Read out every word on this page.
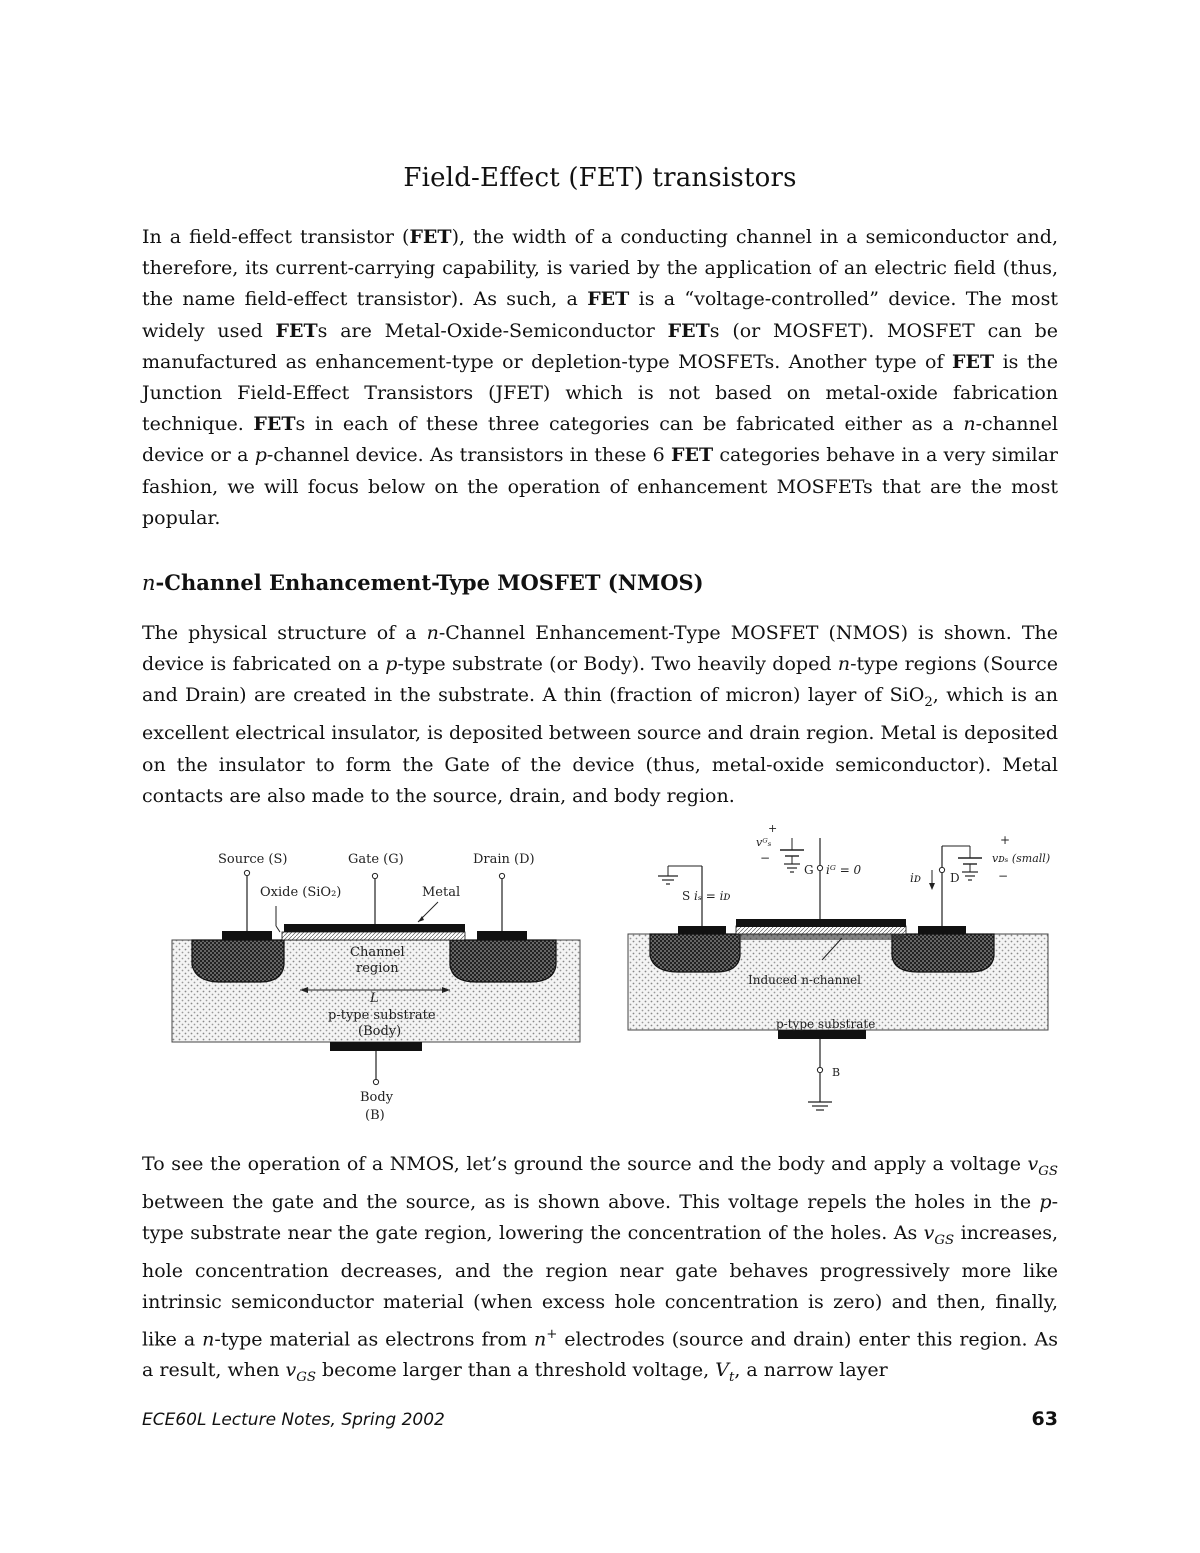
Field-Effect (FET) transistors

In a field-effect transistor (FET), the width of a conducting channel in a semiconductor and, therefore, its current-carrying capability, is varied by the application of an electric field (thus, the name field-effect transistor). As such, a FET is a “voltage-controlled” device. The most widely used FETs are Metal-Oxide-Semiconductor FETs (or MOSFET). MOSFET can be manufactured as enhancement-type or depletion-type MOSFETs. Another type of FET is the Junction Field-Effect Transistors (JFET) which is not based on metal-oxide fabrication technique. FETs in each of these three categories can be fabricated either as a n-channel device or a p-channel device. As transistors in these 6 FET categories behave in a very similar fashion, we will focus below on the operation of enhancement MOSFETs that are the most popular.

n-Channel Enhancement-Type MOSFET (NMOS)

The physical structure of a n-Channel Enhancement-Type MOSFET (NMOS) is shown. The device is fabricated on a p-type substrate (or Body). Two heavily doped n-type regions (Source and Drain) are created in the substrate. A thin (fraction of micron) layer of SiO$_2$, which is an excellent electrical insulator, is deposited between source and drain region. Metal is deposited on the insulator to form the Gate of the device (thus, metal-oxide semiconductor). Metal contacts are also made to the source, drain, and body region.

Source (S)	Gate (G)	Drain (D)
Oxide (SiO₂)	Metal
Channel
region
L
p-type substrate
(Body)
Body
(B)
vᴳₛ
+
−
G iᴳ = 0
S iₛ = iᴅ
+
vᴅₛ (small)
−
iᴅ D
Induced n-channel
p-type substrate
B

To see the operation of a NMOS, let’s ground the source and the body and apply a voltage $v_{GS}$ between the gate and the source, as is shown above. This voltage repels the holes in the p-type substrate near the gate region, lowering the concentration of the holes. As $v_{GS}$ increases, hole concentration decreases, and the region near gate behaves progressively more like intrinsic semiconductor material (when excess hole concentration is zero) and then, finally, like a n-type material as electrons from n+ electrodes (source and drain) enter this region. As a result, when $v_{GS}$ become larger than a threshold voltage, $V_t$, a narrow layer

ECE60L Lecture Notes, Spring 2002	63
